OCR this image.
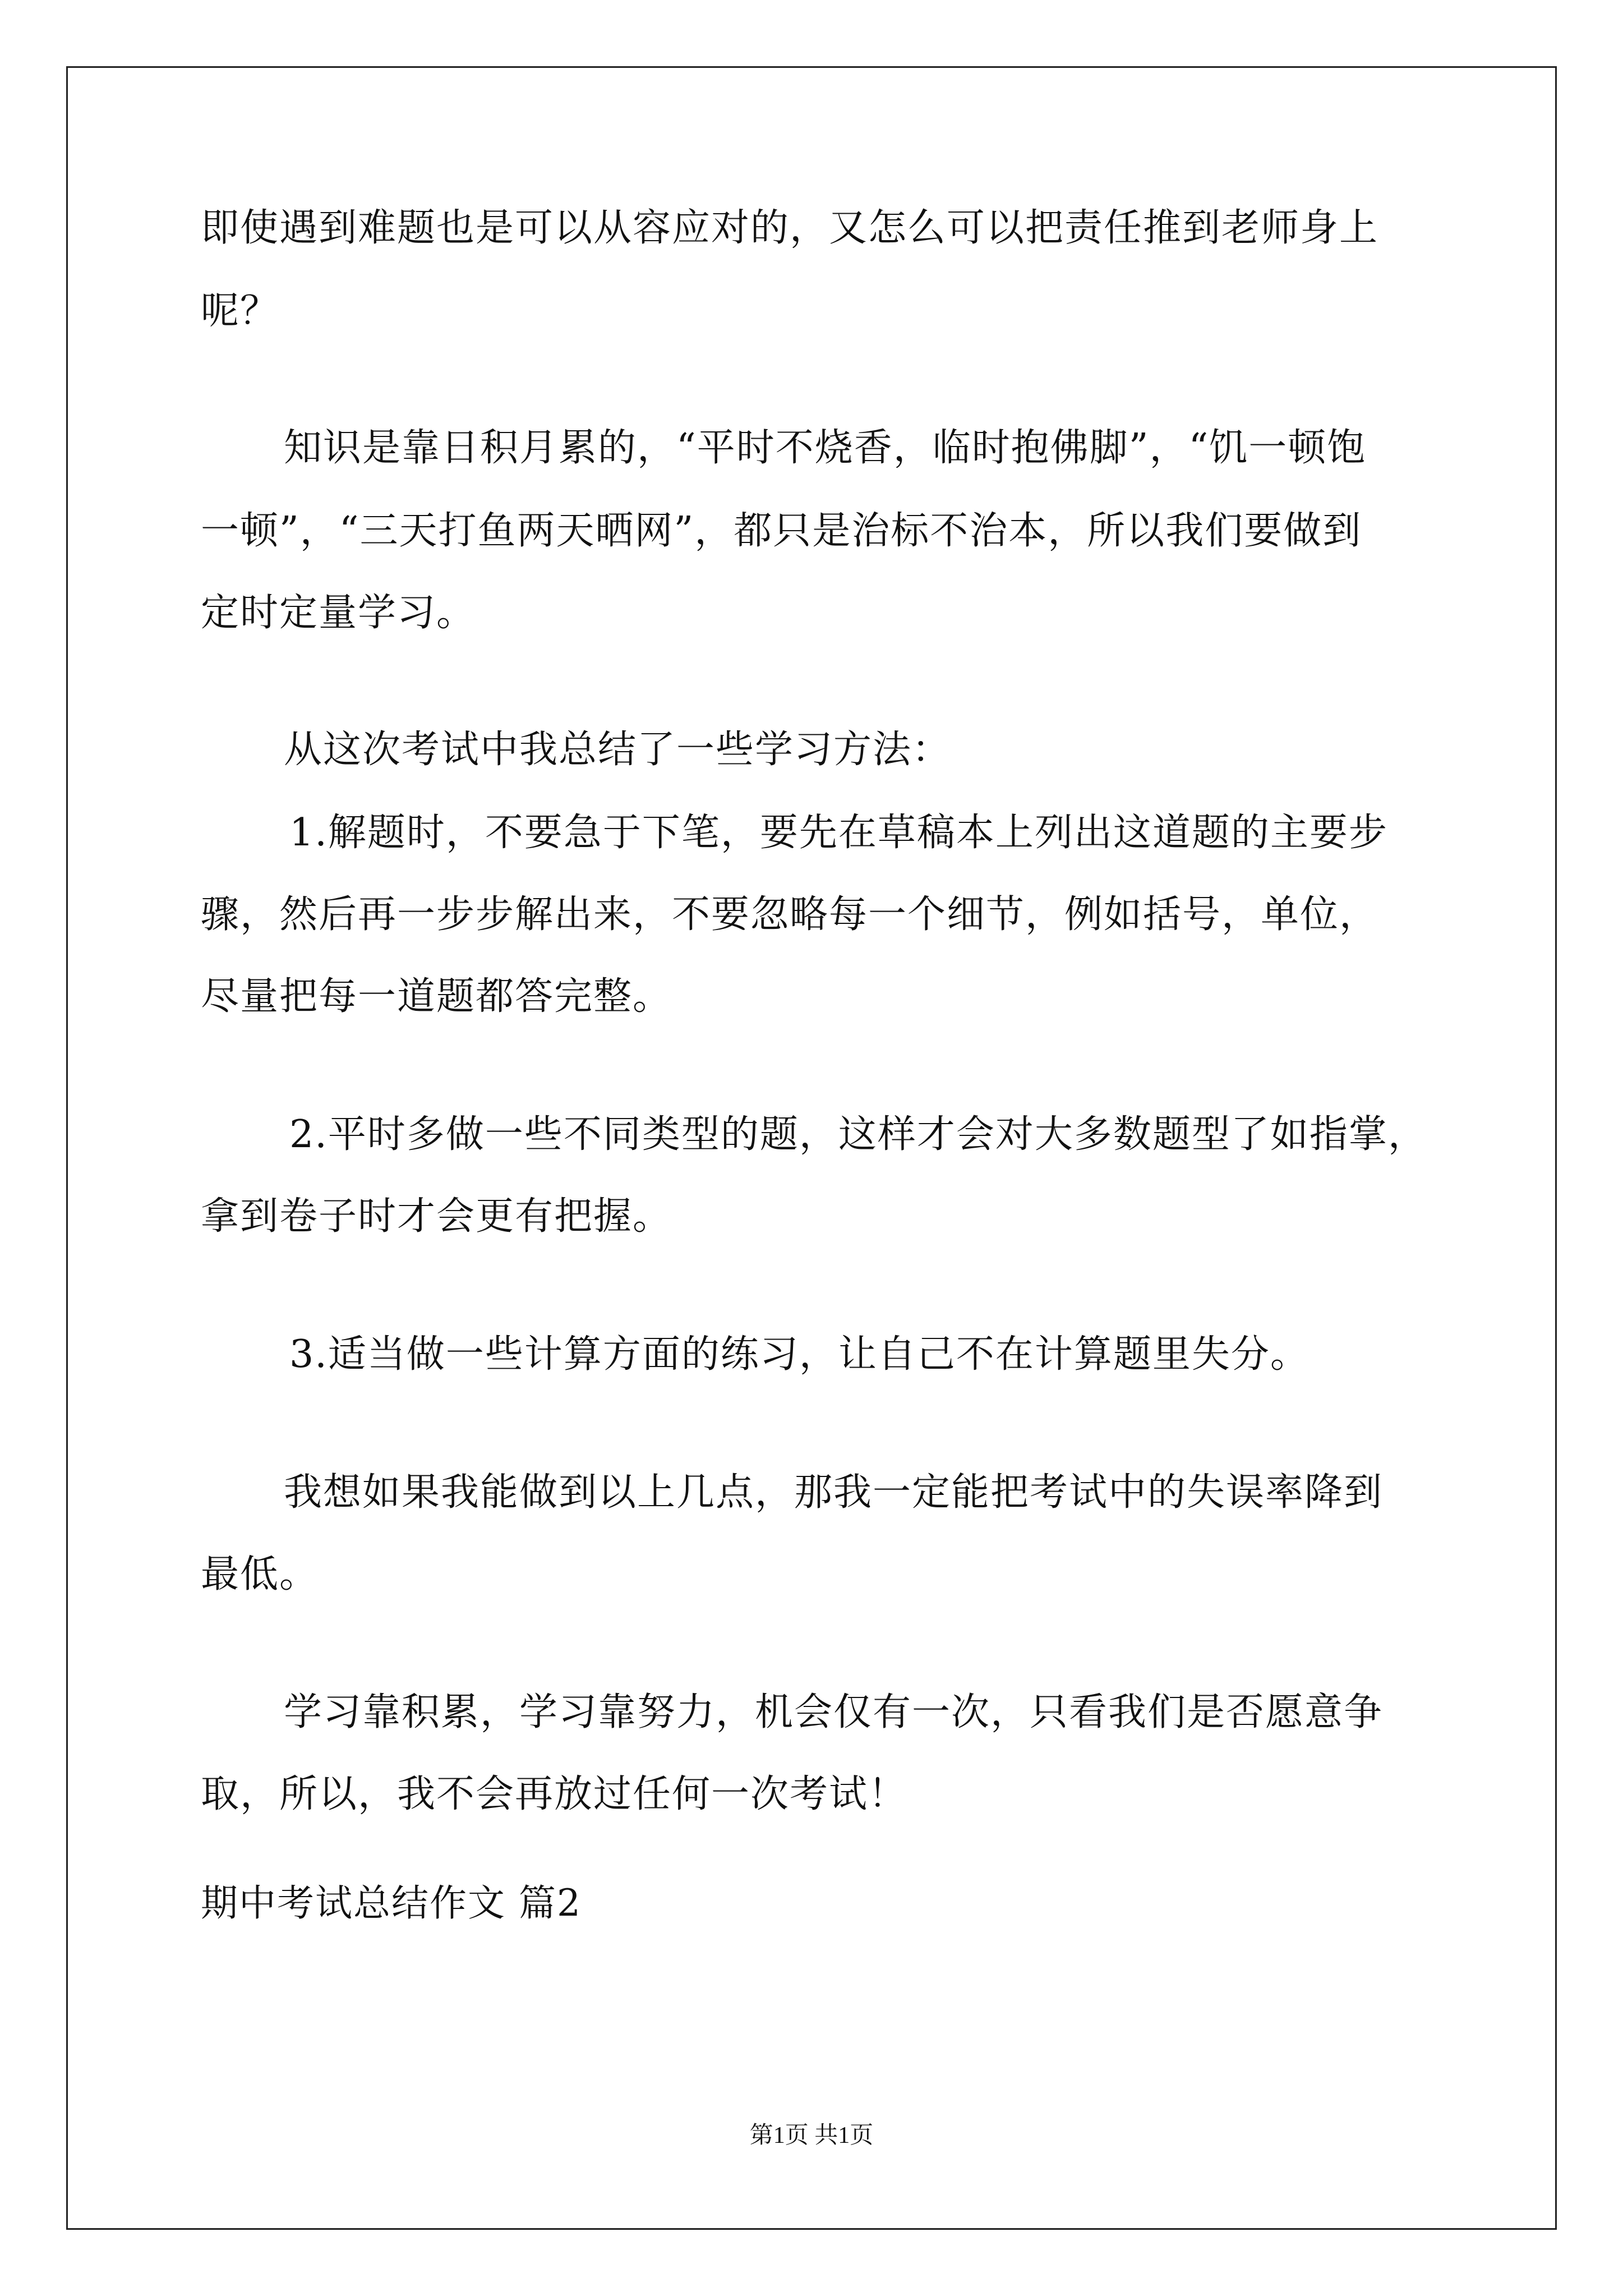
即使遇到难题也是可以从容应对的，又怎么可以把责任推到老师身上
呢？
知识是靠日积月累的，“平时不烧香，临时抱佛脚”，“饥一顿饱
一顿”，“三天打鱼两天晒网”，都只是治标不治本，所以我们要做到
定时定量学习。
从这次考试中我总结了一些学习方法：
1.解题时，不要急于下笔，要先在草稿本上列出这道题的主要步
骤，然后再一步步解出来，不要忽略每一个细节，例如括号，单位，
尽量把每一道题都答完整。
2.平时多做一些不同类型的题，这样才会对大多数题型了如指掌，
拿到卷子时才会更有把握。
3.适当做一些计算方面的练习，让自己不在计算题里失分。
我想如果我能做到以上几点，那我一定能把考试中的失误率降到
最低。
学习靠积累，学习靠努力，机会仅有一次，只看我们是否愿意争
取，所以，我不会再放过任何一次考试！
期中考试总结作文 篇2
第1页 共1页
